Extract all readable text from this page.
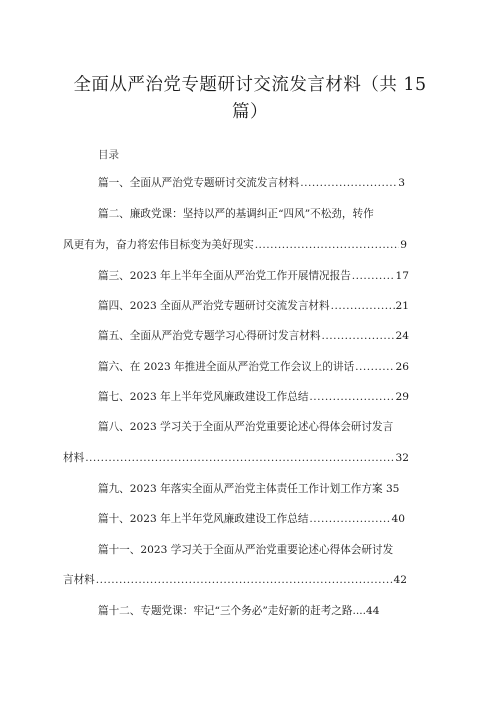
全面从严治党专题研讨交流发言材料（共 15
篇）
目录
篇一、全面从严治党专题研讨交流发言材料 .....	3
篇二、廉政党课：坚持以严的基调纠正“四风”不松劲，转作
风更有为，奋力将宏伟目标变为美好现实 .....	9
篇三、2023 年上半年全面从严治党工作开展情况报告 .....	17
篇四、2023 全面从严治党专题研讨交流发言材料 .....	21
篇五、全面从严治党专题学习心得研讨发言材料 .....	24
篇六、在 2023 年推进全面从严治党工作会议上的讲话 .....	26
篇七、2023 年上半年党风廉政建设工作总结 .....	29
篇八、2023 学习关于全面从严治党重要论述心得体会研讨发言
材料 .....	32
篇九、2023 年落实全面从严治党主体责任工作计划工作方案 35
篇十、2023 年上半年党风廉政建设工作总结 .....	40
篇十一、2023 学习关于全面从严治党重要论述心得体会研讨发
言材料 .....	42
篇十二、专题党课：牢记“三个务必”走好新的赶考之路....44
